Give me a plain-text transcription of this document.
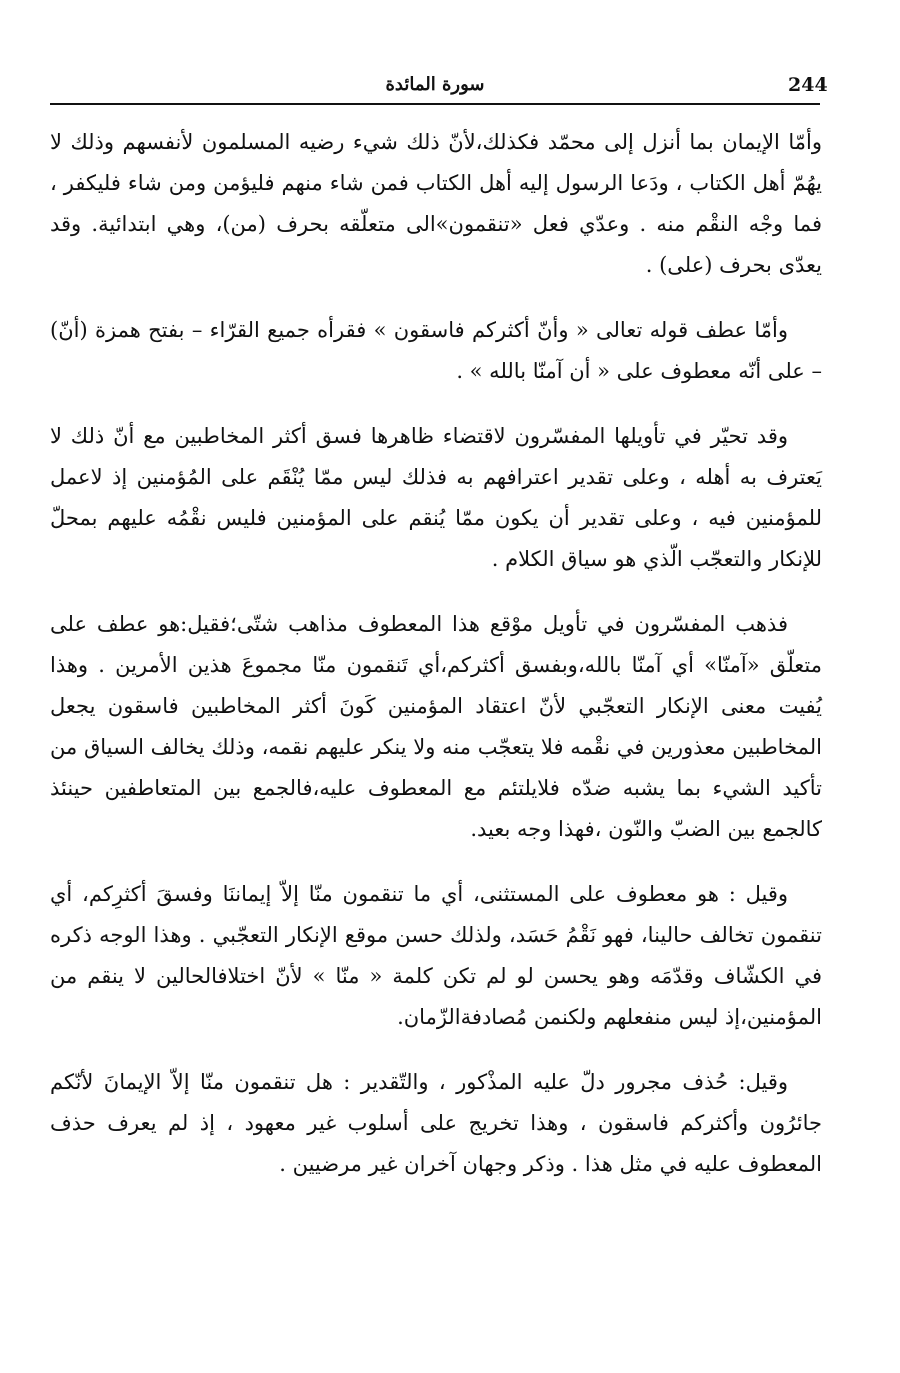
سورة المائدة	244

وأمّا الإيمان بما أنزل إلى محمّد فكذلك،لأنّ ذلك شيء رضيه المسلمون لأنفسهم وذلك لا يهُمّ أهل الكتاب ، ودَعا الرسول إليه أهل الكتاب فمن شاء منهم فليؤمن ومن شاء فليكفر ، فما وجْه النقْم منه . وعدّي فعل «تنقمون»الى متعلّقه بحرف (من)، وهي ابتدائية. وقد يعدّى بحرف (على) .

وأمّا عطف قوله تعالى « وأنّ أكثركم فاسقون » فقرأه جميع القرّاء – بفتح همزة (أنّ) – على أنّه معطوف على « أن آمنّا بالله » .

وقد تحيّر في تأويلها المفسّرون لاقتضاء ظاهرها فسق أكثر المخاطبين مع أنّ ذلك لا يَعترف به أهله ، وعلى تقدير اعترافهم به فذلك ليس ممّا يُنْقَم على المُؤمنين إذ لاعمل للمؤمنين فيه ، وعلى تقدير أن يكون ممّا يُنقم على المؤمنين فليس نقْمُه عليهم بمحلّ للإنكار والتعجّب الّذي هو سياق الكلام .

فذهب المفسّرون في تأويل موْقع هذا المعطوف مذاهب شتّى؛فقيل:هو عطف على متعلّق «آمنّا» أي آمنّا بالله،وبفسق أكثركم،أي تَنقمون منّا مجموعَ هذين الأمرين . وهذا يُفيت معنى الإنكار التعجّبي لأنّ اعتقاد المؤمنين كَونَ أكثر المخاطبين فاسقون يجعل المخاطبين معذورين في نقْمه فلا يتعجّب منه ولا ينكر عليهم نقمه، وذلك يخالف السياق من تأكيد الشيء بما يشبه ضدّه فلايلتئم مع المعطوف عليه،فالجمع بين المتعاطفين حينئذ كالجمع بين الضبّ والنّون ،فهذا وجه بعيد.

وقيل : هو معطوف على المستثنى، أي ما تنقمون منّا إلاّ إيماننَا وفسقَ أكثرِكم، أي تنقمون تخالف حالينا، فهو نَقْمُ حَسَد، ولذلك حسن موقع الإنكار التعجّبي . وهذا الوجه ذكره في الكشّاف وقدّمَه وهو يحسن لو لم تكن كلمة « منّا » لأنّ اختلافالحالين لا ينقم من المؤمنين،إذ ليس منفعلهم ولكنمن مُصادفةالزّمان.

وقيل: حُذف مجرور دلّ عليه المذْكور ، والتّقدير : هل تنقمون منّا إلاّ الإيمانَ لأنّكم جائرُون وأكثركم فاسقون ، وهذا تخريج على أسلوب غير معهود ، إذ لم يعرف حذف المعطوف عليه في مثل هذا . وذكر وجهان آخران غير مرضيين .
